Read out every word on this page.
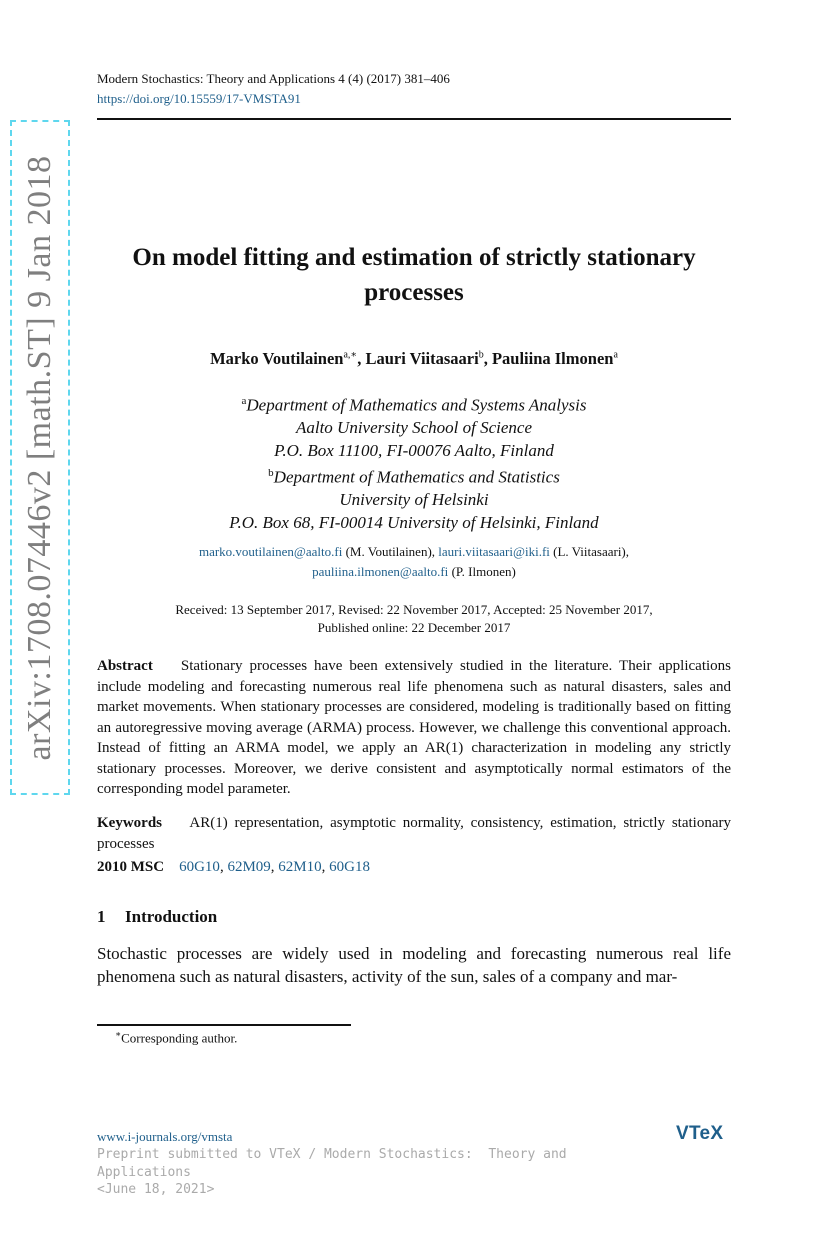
Modern Stochastics: Theory and Applications 4 (4) (2017) 381–406
https://doi.org/10.15559/17-VMSTA91
arXiv:1708.07446v2 [math.ST] 9 Jan 2018	On model fitting and estimation of strictly stationary processes
Marko Voutilainen$^{a,∗}$, Lauri Viitasaari$^b$, Pauliina Ilmonen$^a$
$^a$Department of Mathematics and Systems Analysis
Aalto University School of Science
P.O. Box 11100, FI-00076 Aalto, Finland
$^b$Department of Mathematics and Statistics
University of Helsinki
P.O. Box 68, FI-00014 University of Helsinki, Finland
marko.voutilainen@aalto.fi (M. Voutilainen), lauri.viitasaari@iki.fi (L. Viitasaari),
pauliina.ilmonen@aalto.fi (P. Ilmonen)
Received: 13 September 2017, Revised: 22 November 2017, Accepted: 25 November 2017,
Published online: 22 December 2017
Abstract Stationary processes have been extensively studied in the literature. Their applications include modeling and forecasting numerous real life phenomena such as natural disasters, sales and market movements. When stationary processes are considered, modeling is traditionally based on fitting an autoregressive moving average (ARMA) process. However, we challenge this conventional approach. Instead of fitting an ARMA model, we apply an AR(1) characterization in modeling any strictly stationary processes. Moreover, we derive consistent and asymptotically normal estimators of the corresponding model parameter.
Keywords AR(1) representation, asymptotic normality, consistency, estimation, strictly stationary processes
2010 MSC 60G10, 62M09, 62M10, 60G18
1 Introduction
Stochastic processes are widely used in modeling and forecasting numerous real life phenomena such as natural disasters, activity of the sun, sales of a company and mar-
∗Corresponding author.
www.i-journals.org/vmsta	VTeX
Preprint submitted to VTeX / Modern Stochastics:  Theory and
Applications
<June 18, 2021>
